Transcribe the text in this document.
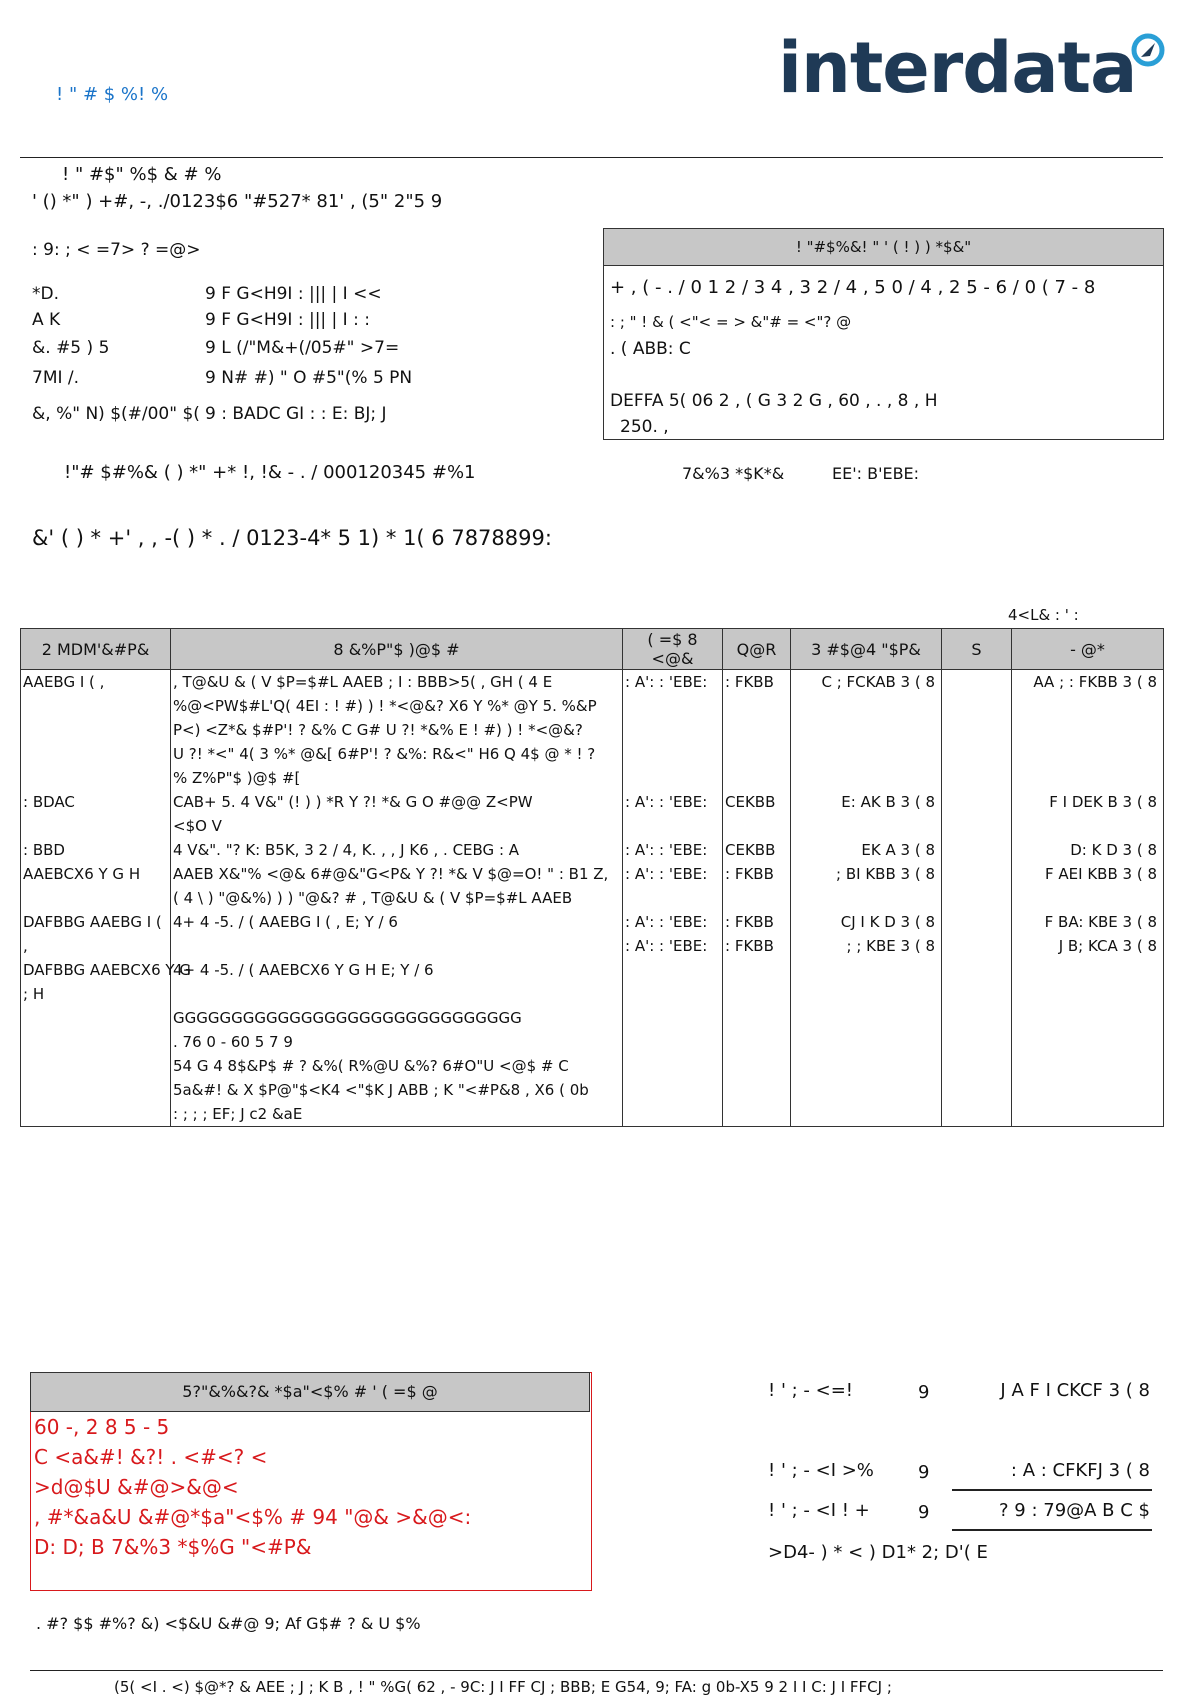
! " # $ %! %	interdata
! " #$" %$ & # %
' () *" ) +#, -, ./0123$6 "#527* 81' , (5" 2"5 9
: 9: ; < =7> ? =@>
*D.	9 F G<H9I : ||| | I <<
A K	9 F G<H9I : ||| | I : :
&. #5 ) 5	9 L (/"M&+(/05#" >7=
7MI /.	9 N# #) " O #5"(% 5 PN
&, %" N) $(#/00" $( 9 : BADC GI : : E: BJ; J
! "#$%&! " ' ( ! ) ) *$&"
+ , ( - . / 0 1 2 / 3 4 , 3 2 / 4 , 5 0 / 4 , 2 5 - 6 / 0 ( 7 - 8
: ; " ! & ( <"< = > &"# = <"? @
. ( ABB: C
DEFFA 5( 06 2 , ( G 3 2 G , 60 , . , 8 , H
250. ,
!"# $#%& ( ) *" +* !, !& - . / 000120345 #%1	7&%3 *$K*&	EE': B'EBE:
&' ( ) * +' , , -( ) * . / 0123-4* 5 1) * 1( 6 7878899:
4<L& : ' :
2 MDM'&#P&	8 &%P"$ )@$ #	( =$ 8 <@&	Q@R	3 #$@4 "$P&	S	- @*

AAEBG I ( ,	, T@&U & ( V $P=$#L AAEB ; I : BBB>5( , GH ( 4 E
%@<PW$#L'Q( 4EI : ! #) ) ! *<@&? X6 Y %* @Y 5. %&P
P<) <Z*& $#P'! ? &% C G# U ?! *&% E ! #) ) ! *<@&?
U ?! *<" 4( 3 %* @&[ 6#P'! ? &%: R&<" H6 Q 4$ @ * ! ?
% Z%P"$ )@$ #[	: A': : 'EBE:	: FKBB	C ; FCKAB 3 ( 8		AA ; : FKBB 3 ( 8

: BDAC	CAB+ 5. 4 V&" (! ) ) *R Y ?! *& G O #@@ Z<PW
<$O V	: A': : 'EBE:	CEKBB	E: AK B 3 ( 8		F I DEK B 3 ( 8

: BBD	4 V&". "? K: B5K, 3 2 / 4, K. , , J K6 , . CEBG : A	: A': : 'EBE:	CEKBB	EK A 3 ( 8		D: K D 3 ( 8

AAEBCX6 Y G H	AAEB X&"% <@& 6#@&"G<P& Y ?! *& V $@=O! " : B1 Z,
( 4 \ ) "@&%) ) ) "@&? # , T@&U & ( V $P=$#L AAEB	: A': : 'EBE:	: FKBB	; BI KBB 3 ( 8		F AEI KBB 3 ( 8

DAFBBG AAEBG I (	4+ 4 -5. / ( AAEBG I ( , E; Y / 6	: A': : 'EBE:	: FKBB	CJ I K D 3 ( 8		F BA: KBE 3 ( 8

,
DAFBBG AAEBCX6 Y G
; H	4+ 4 -5. / ( AAEBCX6 Y G H E; Y / 6	: A': : 'EBE:	: FKBB	; ; KBE 3 ( 8		J B; KCA 3 ( 8

	GGGGGGGGGGGGGGGGGGGGGGGGGGGGGG
. 76 0 - 60 5 7 9
54 G 4 8$&P$ # ? &%( R%@U &%? 6#O"U <@$ # C
5a&#! & X $P@"$<K4 <"$K J ABB ; K "<#P&8 , X6 ( 0b
: ; ; ; EF; J c2 &aE					

5?"&%&?& *$a"<$% # ' ( =$ @
60 -, 2 8 5 - 5
C <a&#! &?! . <#<? <
>d@$U &#@>&@<
, #*&a&U &#@*$a"<$% # 94 "@& >&@<:
D: D; B 7&%3 *$%G "<#P&
! ' ; - <=!	9	J A F I CKCF 3 ( 8
! ' ; - <I >% 9	: A : CFKFJ 3 ( 8
! ' ; - <I ! +	9	? 9 : 79@A B C $
>D4- ) * < ) D1* 2; D'( E
. #? $$ #%? &) <$&U &#@ 9; Af G$# ? & U $%
(5( <I . <) $@*? & AEE ; J ; K B , ! " %G( 62 , - 9C: J I FF CJ ; BBB; E G54, 9; FA: g 0b-X5 9 2 I I C: J I FFCJ ;
